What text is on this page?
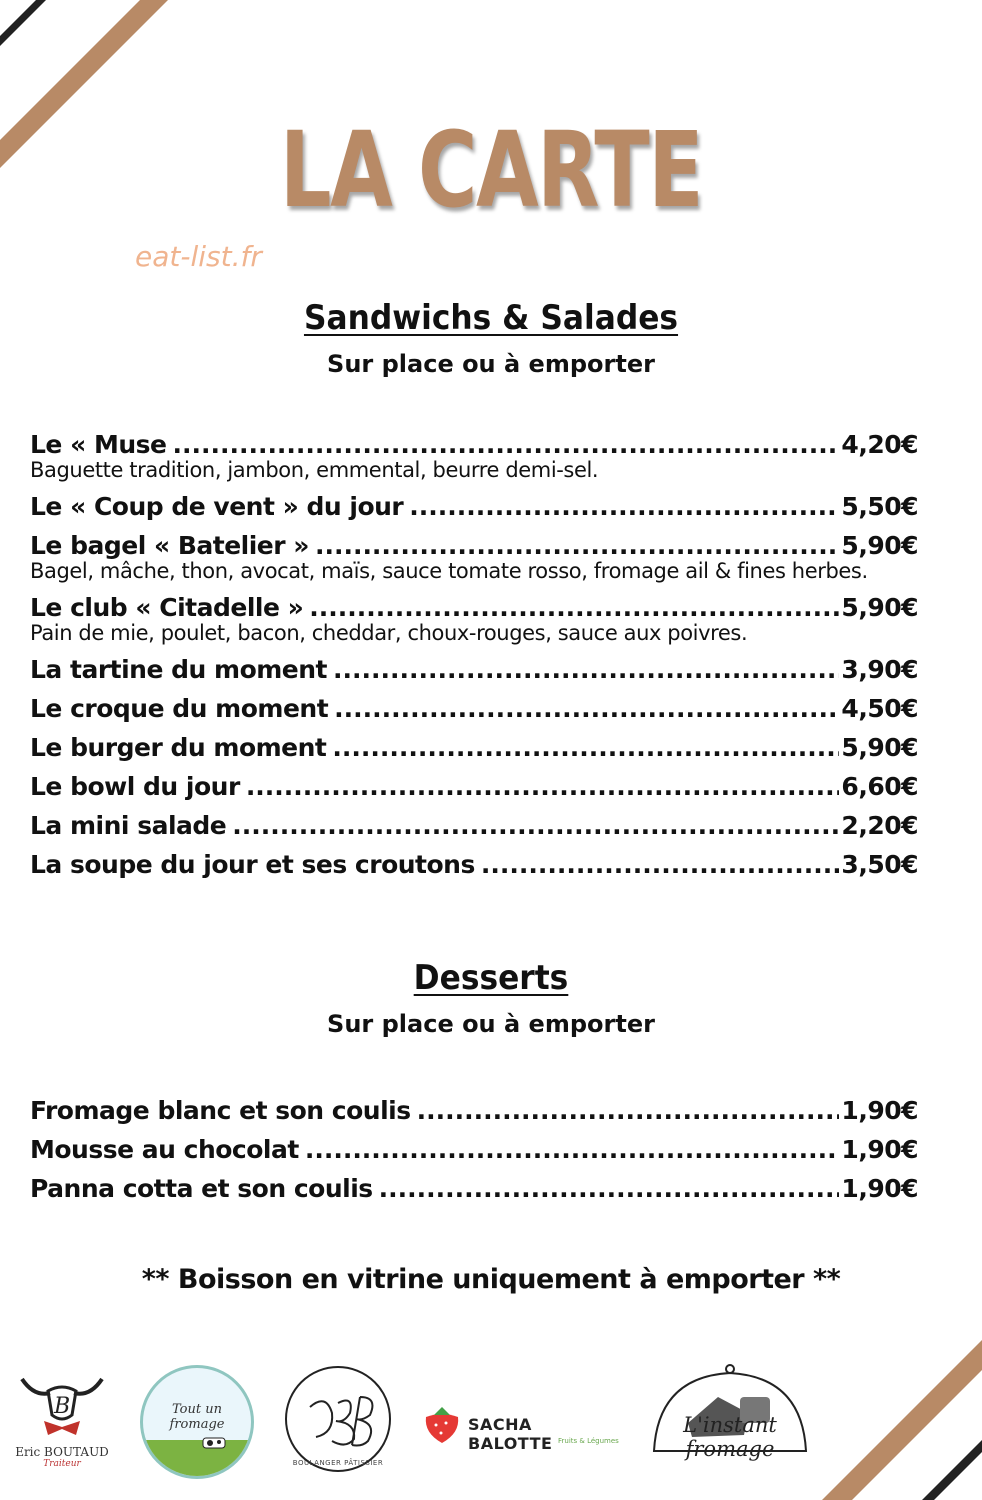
LA CARTE
eat-list.fr
Sandwichs & Salades
Sur place ou à emporter
Le « Muse .....	4,20€
Baguette tradition, jambon, emmental, beurre demi-sel.
Le « Coup de vent » du jour .....	5,50€
Le bagel « Batelier » .....	5,90€
Bagel, mâche, thon, avocat, maïs, sauce tomate rosso, fromage ail & fines herbes.
Le club « Citadelle » .....	5,90€
Pain de mie, poulet, bacon, cheddar, choux-rouges, sauce aux poivres.
La tartine du moment .....	3,90€
Le croque du moment .....	4,50€
Le burger du moment .....	5,90€
Le bowl du jour .....	6,60€
La mini salade .....	2,20€
La soupe du jour et ses croutons .....	3,50€
Desserts
Sur place ou à emporter
Fromage blanc et son coulis .....	1,90€
Mousse au chocolat .....	1,90€
Panna cotta et son coulis .....	1,90€
** Boisson en vitrine uniquement à emporter **
B
Eric BOUTAUD
Traiteur
Tout un fromage
BOULANGER PÂTISSIER
SACHA BALOTTE Fruits & Légumes
L'instant fromage
